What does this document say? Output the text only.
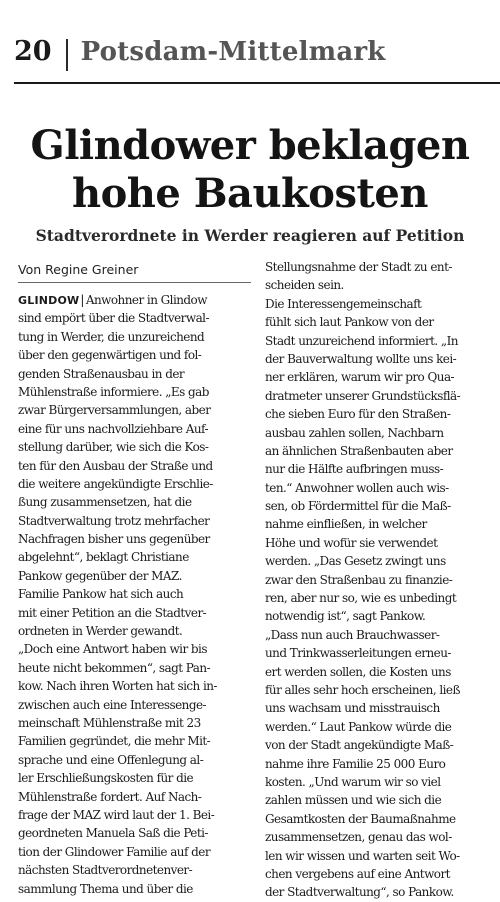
20 Potsdam-Mittelmark
Glindower beklagen
hohe Baukosten
Stadtverordnete in Werder reagieren auf Petition
Von Regine Greiner
GLINDOW| Anwohner in Glindow
sind empört über die Stadtverwal-
tung in Werder, die unzureichend
über den gegenwärtigen und fol-
genden Straßenausbau in der
Mühlenstraße informiere. „Es gab
zwar Bürgerversammlungen, aber
eine für uns nachvollziehbare Auf-
stellung darüber, wie sich die Kos-
ten für den Ausbau der Straße und
die weitere angekündigte Erschlie-
ßung zusammensetzen, hat die
Stadtverwaltung trotz mehrfacher
Nachfragen bisher uns gegenüber
abgelehnt“, beklagt Christiane
Pankow gegenüber der MAZ.
Familie Pankow hat sich auch
mit einer Petition an die Stadtver-
ordneten in Werder gewandt.
„Doch eine Antwort haben wir bis
heute nicht bekommen“, sagt Pan-
kow. Nach ihren Worten hat sich in-
zwischen auch eine Interessenge-
meinschaft Mühlenstraße mit 23
Familien gegründet, die mehr Mit-
sprache und eine Offenlegung al-
ler Erschließungskosten für die
Mühlenstraße fordert. Auf Nach-
frage der MAZ wird laut der 1. Bei-
geordneten Manuela Saß die Peti-
tion der Glindower Familie auf der
nächsten Stadtverordnetenver-
sammlung Thema und über die
Stellungsnahme der Stadt zu ent-
scheiden sein.
Die Interessengemeinschaft
fühlt sich laut Pankow von der
Stadt unzureichend informiert. „In
der Bauverwaltung wollte uns kei-
ner erklären, warum wir pro Qua-
dratmeter unserer Grundstücksflä-
che sieben Euro für den Straßen-
ausbau zahlen sollen, Nachbarn
an ähnlichen Straßenbauten aber
nur die Hälfte aufbringen muss-
ten.“ Anwohner wollen auch wis-
sen, ob Fördermittel für die Maß-
nahme einfließen, in welcher
Höhe und wofür sie verwendet
werden. „Das Gesetz zwingt uns
zwar den Straßenbau zu finanzie-
ren, aber nur so, wie es unbedingt
notwendig ist“, sagt Pankow.
„Dass nun auch Brauchwasser-
und Trinkwasserleitungen erneu-
ert werden sollen, die Kosten uns
für alles sehr hoch erscheinen, ließ
uns wachsam und misstrauisch
werden.“ Laut Pankow würde die
von der Stadt angekündigte Maß-
nahme ihre Familie 25 000 Euro
kosten. „Und warum wir so viel
zahlen müssen und wie sich die
Gesamtkosten der Baumaßnahme
zusammensetzen, genau das wol-
len wir wissen und warten seit Wo-
chen vergebens auf eine Antwort
der Stadtverwaltung“, so Pankow.
